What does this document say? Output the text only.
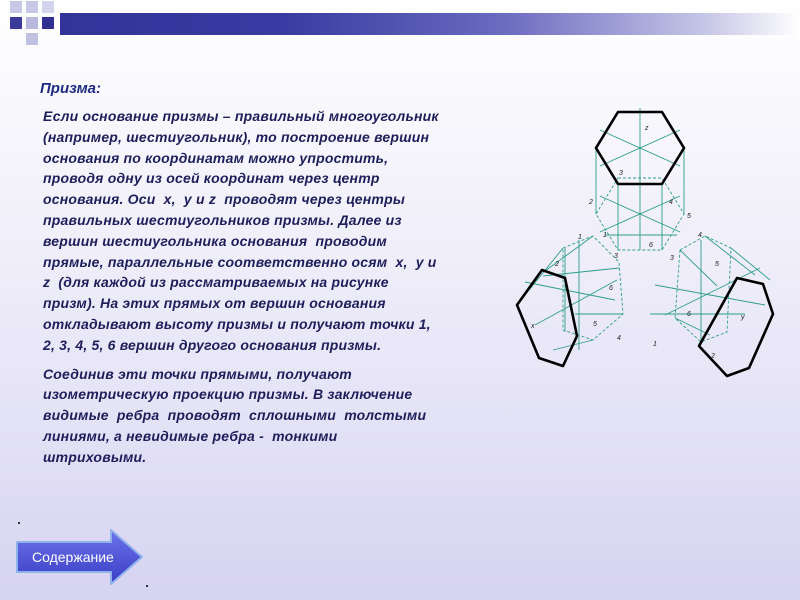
Призма:

Если основание призмы – правильный многоугольник

(например, шестиугольник), то построение вершин

основания по координатам можно упростить,

проводя одну из осей координат через центр

основания. Оси  x,  y и z  проводят через центры

правильных шестиугольников призмы. Далее из

вершин шестиугольника основания  проводим

прямые, параллельные соответственно осям  x,  y и

z  (для каждой из рассматриваемых на рисунке

призм). На этих прямых от вершин основания

откладывают высоту призмы и получают точки 1,

2, 3, 4, 5, 6 вершин другого основания призмы.

Соединив эти точки прямыми, получают

изометрическую проекцию призмы. В заключение

видимые  ребра  проводят  сплошными  толстыми

линиями, а невидимые ребра -  тонкими

штриховыми.

z
3
2	4
1
5
6
1
2
3
4
5
6
x
4
5
3
6
1
2
y
Содержание
